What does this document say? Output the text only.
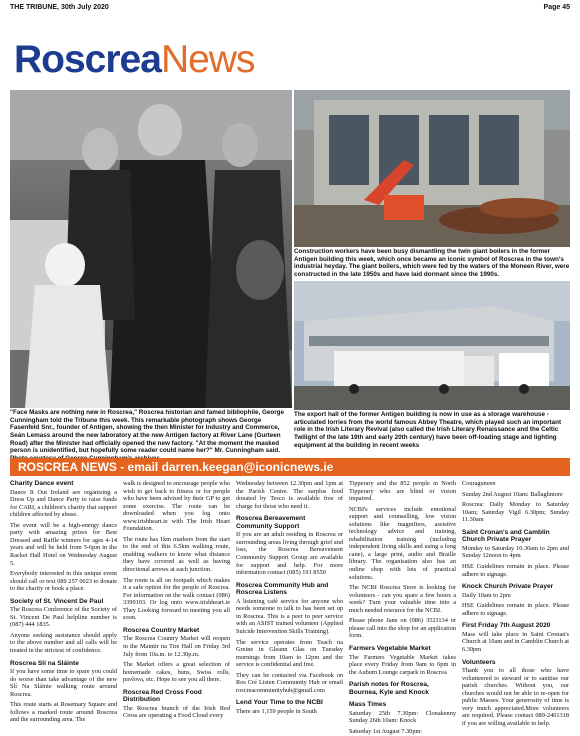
THE TRIBUNE, 30th July 2020	Page 45
RoscreaNews
"Face Masks are nothing new in Roscrea," Roscrea historian and famed bibliophile, George Cunningham told the Tribune this week. This remarkable photograph shows George Fasenfeld Snr., founder of Antigen, showing the then Minister for Industry and Commerce, Seán Lemass around the new laboratory at the new Antigen factory at River Lane (Gurteen Road) after the Minister had officially opened the new factory. "At the moment the masked person is unidentified, but hopefully some reader could name her?" Mr. Cunningham said.
Construction workers have been busy dismantling the twin giant boilers in the former Antigen building this week, which once became an iconic symbol of Roscrea in the town's industrial heyday. The giant boilers, which were fed by the waters of the Moneen River, were constructed in the late 1950s and have laid dormant since the 1990s.
The export hall of the former Antigen building is now in use as a storage warehouse - articulated lorries from the world famous Abbey Theatre, which played such an important role in the Irish Literary Revival (also called the Irish Literary Renaissance and the Celtic Twilight of the late 19th and early 20th century) have been off-loading stage and lighting equipment at the building in recent weeks
ROSCREA NEWS - email darren.keegan@iconicnews.ie
Charity Dance event

Dance It Out Ireland are organising a Dress Up and Dance Party to raise funds for CARI, a children's charity that support children affected by abuse.

The event will be a high-energy dance party with amazing prizes for Best Dressed and Raffle winners for ages 4-14 years and will be held from 5-6pm in the Racket Hall Hotel on Wednesday August 5.

Everybody interested in this unique event should call or text 089 257 0023 to donate to the charity or book a place.

Society of St. Vincent De Paul

The Roscrea Conference of the Society of St. Vincent De Paul helpline number is (087) 444 1835.

Anyone seeking assistance should apply to the above number and all calls will be treated in the strictest of confidence.

Roscrea Slí na Sláinte

If you have some time to spare you could do worse than take advantage of the new Slí Na Sláinte walking route around Roscrea.

This route starts at Rosemary Square and follows a marked route around Roscrea and the surrounding area. The

walk is designed to encourage people who wish to get back to fitness or for people who have been advised by their GP to get some exercise. The route can be downloaded when you log onto www.irishheart.ie with The Irish Heart Foundation.

The route has 1km markers from the start to the end of this 6.5km walking route, enabling walkers to know what distance they have covered as well as having directional arrows at each junction.

The route is all on footpath which makes it a safe option for the people of Roscrea. For information on the walk contact (086) 3399193. Or log onto www.irishheart.ie They Looking forward to meeting you all soon.

Roscrea Country Market

The Roscrea Country Market will reopen in the Maintir na Tire Hall on Friday 3rd July from 10a.m. to 12.30p.m.

The Market offers a great selection of homemade cakes, buns, Swiss rolls, pavlova, etc. Hope to see you all there.

Roscrea Red Cross Food Distribution

The Roscrea branch of the Irish Red Cross are operating a Food Cloud every

Wednesday between 12.30pm and 1pm at the Parish Centre. The surplus food donated by Tesco is available free of charge for those who need it.

Roscrea Bereavement Community Support

If you are an adult residing in Roscrea or surrounding areas living through grief and loss, the Roscrea Bereavement Community Support Group are available for support and help. For more information contact (085) 191 8550

Roscrea Community Hub and Roscrea Listens

A listening café service for anyone who needs someone to talk to has been set up in Roscrea. This is a peer to peer service with an ASIST trained volunteer (Applied Suicide Intervention Skills Training).

The service operates from Teach na Greine in Gleann Glas on Tuesday mornings from 10am to 12pm and the service is confidential and free.

They can be contacted via Facebook on Ros Cré Listen Community Hub or email roscreacommunityhub@gmail.com

Lend Your Time to the NCBI

There are 1,159 people in South

Tipperary and the 852 people in North Tipperary who are blind or vision impaired.

NCBI's services include emotional support and counselling, low vision solutions like magnifiers, assistive technology advice and training, rehabilitation training (including independent living skills and using a long cane), a large print, audio and Braille library. The organisation also has an online shop with lots of practical solutions.

The NCBI Roscrea Store is looking for volunteers - can you spare a few hours a week? Turn your valuable time into a much needed resource for the NCBI.

Please phone Jane on (086) 3521134 or please call into the shop for an application form.

Farmers Vegetable Market

The Farmers Vegetable Market takes place every Friday from 9am to 6pm in the Auburn Lounge carpark in Roscrea

Parish notes for Roscrea, Bournea, Kyle and Knock
Mass Times

Saturday 25th 7.30pm: Clonakenny Sunday 26th 10am: Knock

Saturday 1st August 7.30pm:

Couraguneen

Sunday 2nd August 10am: Ballaghmore

Roscrea: Daily Monday to Saturday 10am; Saturday Vigil 6.30pm; Sunday 11.30am

Saint Cronan's and Camblin Church Private Prayer

Monday to Saturday 10.30am to 2pm and Sunday 12noon to 4pm

HSE Guidelines remain in place. Please adhere to signage.

Knock Church Private Prayer

Daily 10am to 2pm

HSE Guidelines remain in place. Please adhere to signage.

First Friday 7th August 2020

Mass will take place in Saint Cronan's Church at 10am and in Camblin Church at 6.30pm

Volunteers

Thank you to all those who have volunteered to steward or to sanitise our parish churches. Without you, our churches would not be able to re-open for public Masses. Your generosity of time is very much appreciated.More volunteers are required. Please contact 089-2401318 if you are willing available to help.
